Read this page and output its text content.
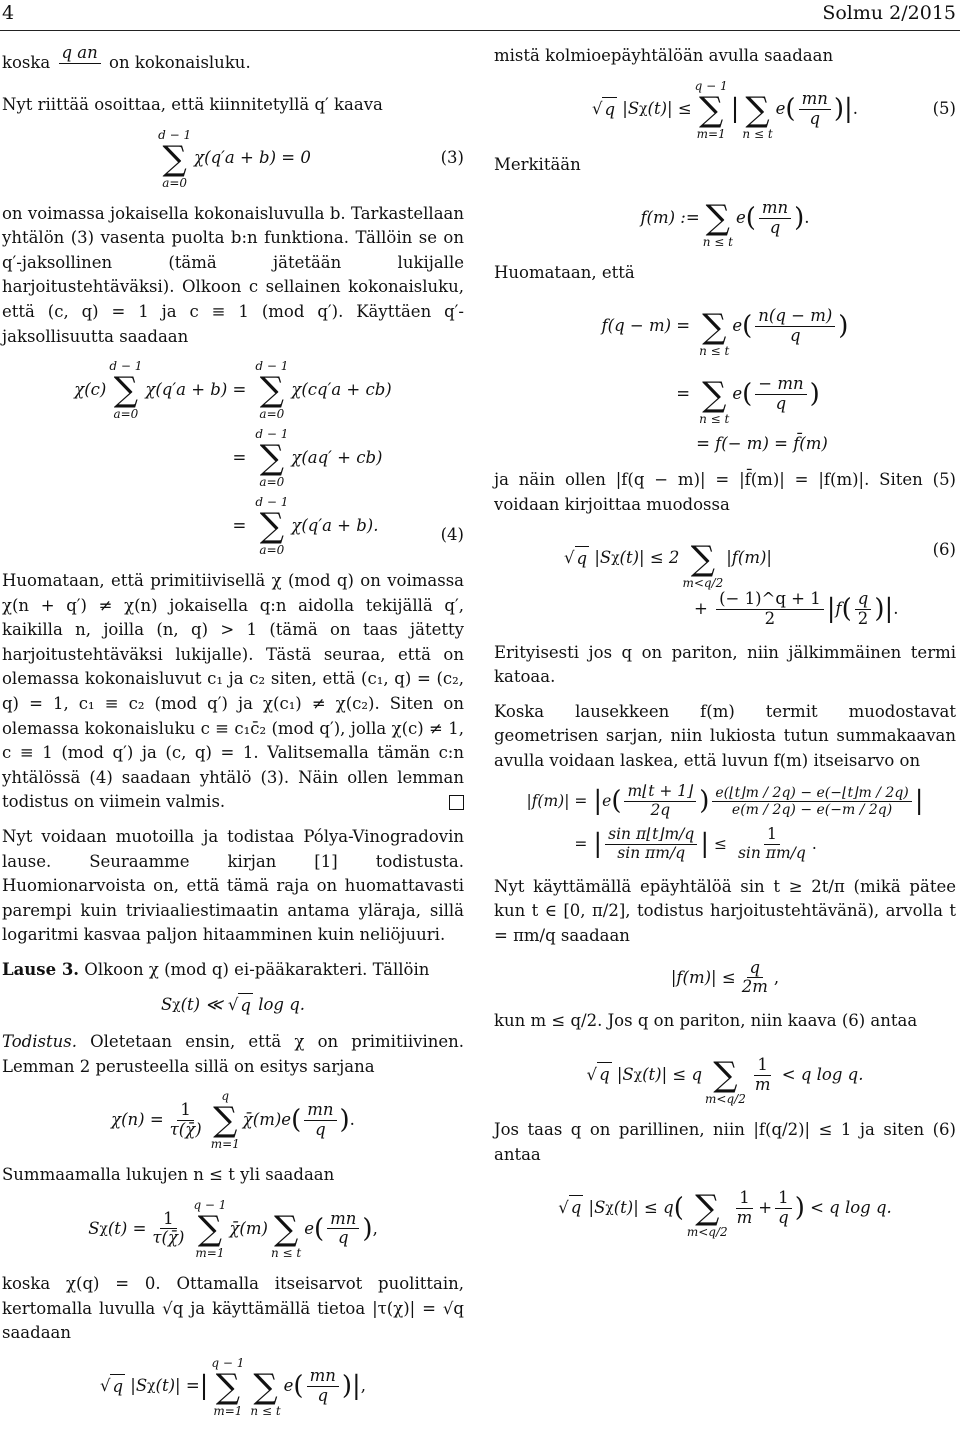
4	Solmu 2/2015

koska
q an

on kokonaisluku.

Nyt riittää osoittaa, että kiinnitetyllä q′ kaava

d − 1
∑
a=0
χ(q′a + b) = 0	(3)

on voimassa jokaisella kokonaisluvulla b. Tarkastellaan yhtälön (3) vasenta puolta b:n funktiona. Tällöin se on q′-jaksollinen (tämä jätetään lukijalle harjoitustehtäväksi). Olkoon c sellainen kokonaisluku, että (c, q) = 1 ja c ≡ 1 (mod q′). Käyttäen q′-jaksollisuutta saadaan

χ(c)
d − 1
∑
a=0
χ(q′a + b) =
d − 1
∑
a=0
χ(cq′a + cb)
=
d − 1
∑
a=0
χ(aq′ + cb)
=
d − 1
∑
a=0
χ(q′a + b).	(4)

Huomataan, että primitiivisellä χ (mod q) on voimassa χ(n + q′) ≠ χ(n) jokaisella q:n aidolla tekijällä q′, kaikilla n, joilla (n, q) > 1 (tämä on taas jätetty harjoitustehtäväksi lukijalle). Tästä seuraa, että on olemassa kokonaisluvut c₁ ja c₂ siten, että (c₁, q) = (c₂, q) = 1, c₁ ≡ c₂ (mod q′) ja χ(c₁) ≠ χ(c₂). Siten on olemassa kokonaisluku c ≡ c₁c̄₂ (mod q′), jolla χ(c) ≠ 1, c ≡ 1 (mod q′) ja (c, q) = 1. Valitsemalla tämän c:n yhtälössä (4) saadaan yhtälö (3). Näin ollen lemman todistus on viimein valmis.

Nyt voidaan muotoilla ja todistaa Pólya-Vinogradovin lause. Seuraamme kirjan [1] todistusta. Huomionarvoista on, että tämä raja on huomattavasti parempi kuin triviaaliestimaatin antama yläraja, sillä logaritmi kasvaa paljon hitaamminen kuin neliöjuuri.

Lause 3. Olkoon χ (mod q) ei-pääkarakteri. Tällöin

S χ (t) ≪ √ q
log q.

Todistus. Oletetaan ensin, että χ on primitiivinen. Lemman 2 perusteella sillä on esitys sarjana

$\chi(n) = \frac{1}{\tau(\chī)}$
q
∑
m=1
χ̄(m)e ( $\frac{mn}{q}$ ) .

Summaamalla lukujen n ≤ t yli saadaan

S χ $(t) = \frac{1}{\tau(\chī)}$
q − 1
∑
m=1
χ̄(m)
∑
n ≤ t
e ( $\frac{mn}{q}$ ) ,

koska χ(q) = 0. Ottamalla itseisarvot puolittain, kertomalla luvulla √q ja käyttämällä tietoa |τ(χ)| = √q saadaan

√ q
|S χ (t)| = |
q − 1
∑
m=1

∑
n ≤ t
e ( $\frac{mn}{q}$ ) | ,

mistä kolmioepäyhtälöän avulla saadaan

√ q
|S χ (t)| ≤
q − 1
∑
m=1
|
∑
n ≤ t
e ( $\frac{mn}{q}$ ) | .	(5)

Merkitään

f(m) :=
∑
n ≤ t
e ( $\frac{mn}{q}$ ) .

Huomataan, että

f(q − m) =
∑
n ≤ t
e ( $\frac{n(q - m)}{q}$ )
=
∑
n ≤ t
e ( $\frac{- mn}{q}$ )
= f(− m) = f̄(m)

ja näin ollen |f(q − m)| = |f̄(m)| = |f(m)|. Siten (5) voidaan kirjoittaa muodossa

√ q
|S χ (t)| ≤ 2
∑
m<q/2
|f(m)|
+
$\frac{(- 1)\^{}q + 1}{2}$ | f ( $\frac{q}{2}$ ) | .
(6)

Erityisesti jos q on pariton, niin jälkimmäinen termi katoaa.

Koska lausekkeen f(m) termit muodostavat geometrisen sarjan, niin lukiosta tutun summakaavan avulla voidaan laskea, että luvun f(m) itseisarvo on

|f(m)| = | e ( $\frac{m⌊t + 1⌋}{2q}$ ) $\frac{e(⌊t⌋m / 2q) - e(-⌊t⌋m / 2q)}{e(m / 2q) - e(-m / 2q)}$ |
= | $\frac{\text{sin π⌊t⌋m/q}}{\text{sin πm/q}}$ |
≤
$\frac{1}{\text{sin πm/q}}$ .

Nyt käyttämällä epäyhtälöä sin t ≥ 2t/π (mikä pätee kun t ∈ [0, π/2], todistus harjoitustehtävänä), arvolla t = πm/q saadaan

$|f(m)| \le \frac{q}{2m}$ ,

kun m ≤ q/2. Jos q on pariton, niin kaava (6) antaa

√ q
|S χ (t)| ≤ q
∑
m<q/2
$\frac{1}{m}$
< q log q.

Jos taas q on parillinen, niin |f(q/2)| ≤ 1 ja siten (6) antaa

√ q
|S χ (t)| ≤ q (
∑
m<q/2
$\frac{1}{m} + \frac{1}{q}$ )
< q log q.
